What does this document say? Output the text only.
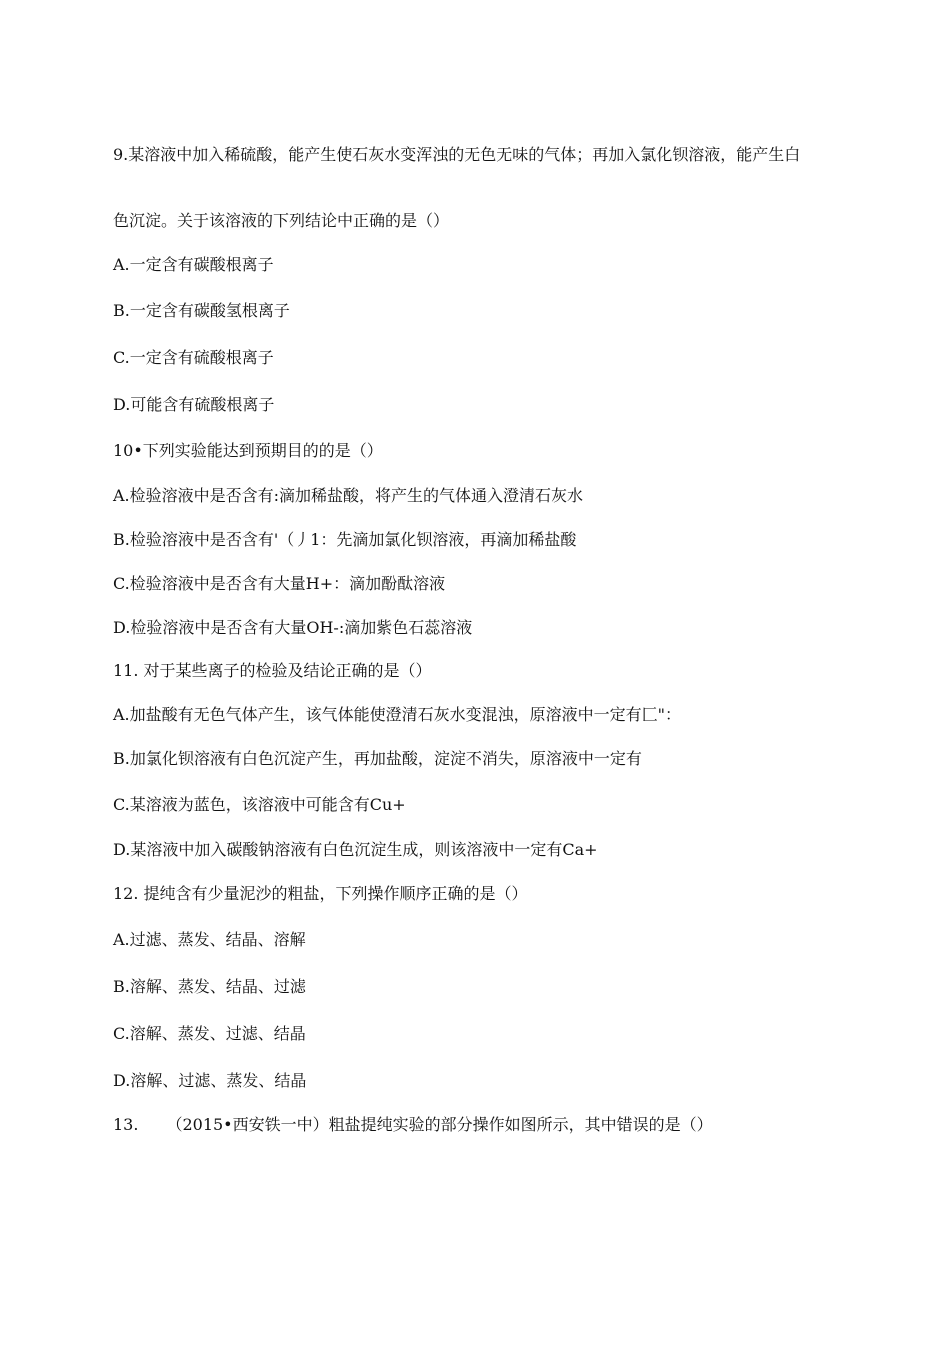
9.某溶液中加入稀硫酸，能产生使石灰水变浑浊的无色无味的气体；再加入氯化钡溶液，能产生白
色沉淀。关于该溶液的下列结论中正确的是（）
A.一定含有碳酸根离子
B.一定含有碳酸氢根离子
C.一定含有硫酸根离子
D.可能含有硫酸根离子
10•下列实验能达到预期目的的是（）
A.检验溶液中是否含有:滴加稀盐酸，将产生的气体通入澄清石灰水
B.检验溶液中是否含有'（丿1：先滴加氯化钡溶液，再滴加稀盐酸
C.检验溶液中是否含有大量H+：滴加酚酞溶液
D.检验溶液中是否含有大量OH-:滴加紫色石蕊溶液
11. 对于某些离子的检验及结论正确的是（）
A.加盐酸有无色气体产生，该气体能使澄清石灰水变混浊，原溶液中一定有匚"：
B.加氯化钡溶液有白色沉淀产生，再加盐酸，淀淀不消失，原溶液中一定有
C.某溶液为蓝色，该溶液中可能含有Cu+
D.某溶液中加入碳酸钠溶液有白色沉淀生成，则该溶液中一定有Ca+
12. 提纯含有少量泥沙的粗盐，下列操作顺序正确的是（）
A.过滤、蒸发、结晶、溶解
B.溶解、蒸发、结晶、过滤
C.溶解、蒸发、过滤、结晶
D.溶解、过滤、蒸发、结晶
13. （2015•西安铁一中）粗盐提纯实验的部分操作如图所示，其中错误的是（）
